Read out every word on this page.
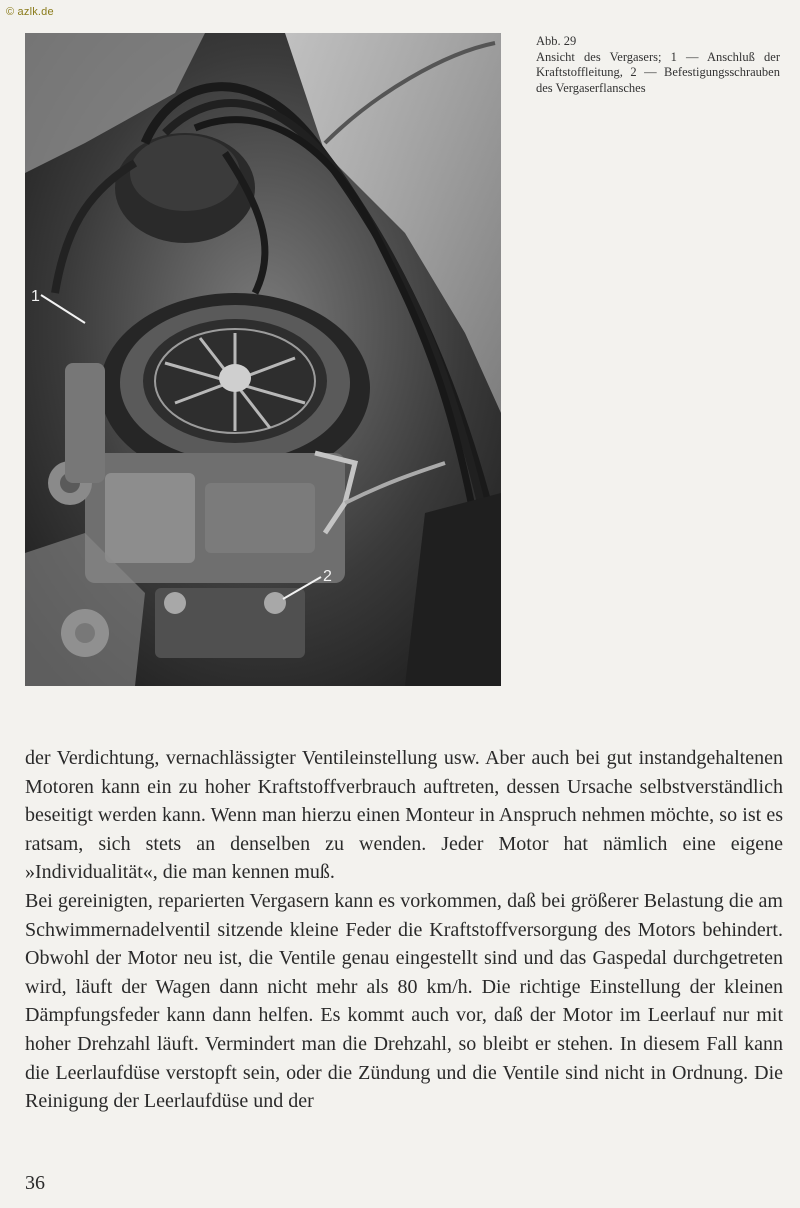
© azlk.de
1
2
Abb. 29
Ansicht des Vergasers; 1 — Anschluß der Kraftstoffleitung, 2 — Befestigungsschrauben des Vergaserflansches

der Verdichtung, vernachlässigter Ventileinstellung usw. Aber auch bei gut instandgehaltenen Motoren kann ein zu hoher Kraftstoffverbrauch auftreten, dessen Ursache selbstverständlich beseitigt werden kann. Wenn man hierzu einen Monteur in Anspruch nehmen möchte, so ist es ratsam, sich stets an denselben zu wenden. Jeder Motor hat nämlich eine eigene »Individualität«, die man kennen muß.

Bei gereinigten, reparierten Vergasern kann es vorkommen, daß bei größerer Belastung die am Schwimmernadelventil sitzende kleine Feder die Kraftstoffversorgung des Motors behindert. Obwohl der Motor neu ist, die Ventile genau eingestellt sind und das Gaspedal durchgetreten wird, läuft der Wagen dann nicht mehr als 80 km/h. Die richtige Einstellung der kleinen Dämpfungsfeder kann dann helfen. Es kommt auch vor, daß der Motor im Leerlauf nur mit hoher Drehzahl läuft. Vermindert man die Drehzahl, so bleibt er stehen. In diesem Fall kann die Leerlaufdüse verstopft sein, oder die Zündung und die Ventile sind nicht in Ordnung. Die Reinigung der Leerlaufdüse und der

36
